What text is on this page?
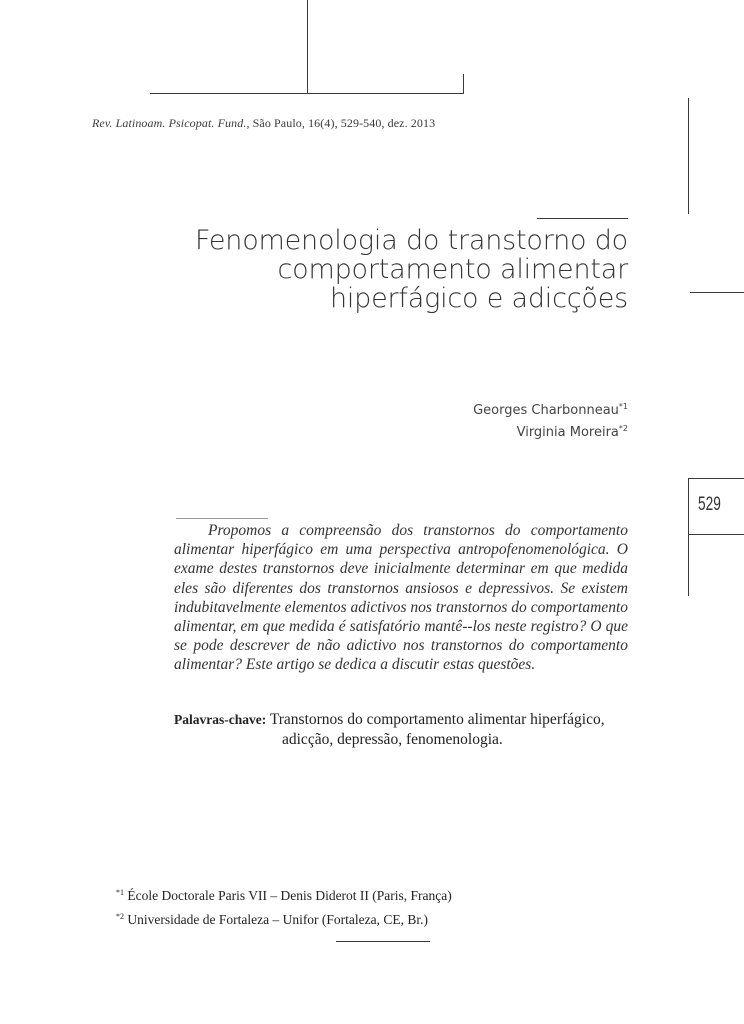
Rev. Latinoam. Psicopat. Fund., São Paulo, 16(4), 529-540, dez. 2013
Fenomenologia do transtorno do
comportamento alimentar
hiperfágico e adicções
Georges Charbonneau$^{*1}$
Virginia Moreira$^{*2}$
529

Propomos a compreensão dos transtornos do comportamento alimentar hiperfágico em uma perspectiva antropofenomenológica. O exame destes transtornos deve inicialmente determinar em que medida eles são diferentes dos transtornos ansiosos e depressivos. Se existem indubitavelmente elementos adictivos nos transtornos do comportamento alimentar, em que medida é satisfatório mantê--los neste registro? O que se pode descrever de não adictivo nos transtornos do comportamento alimentar? Este artigo se dedica a discutir estas questões.

Palavras-chave: Transtornos do comportamento alimentar hiperfágico,
adicção, depressão, fenomenologia.
$^{*1}$ École Doctorale Paris VII – Denis Diderot II (Paris, França)
$^{*2}$ Universidade de Fortaleza – Unifor (Fortaleza, CE, Br.)
